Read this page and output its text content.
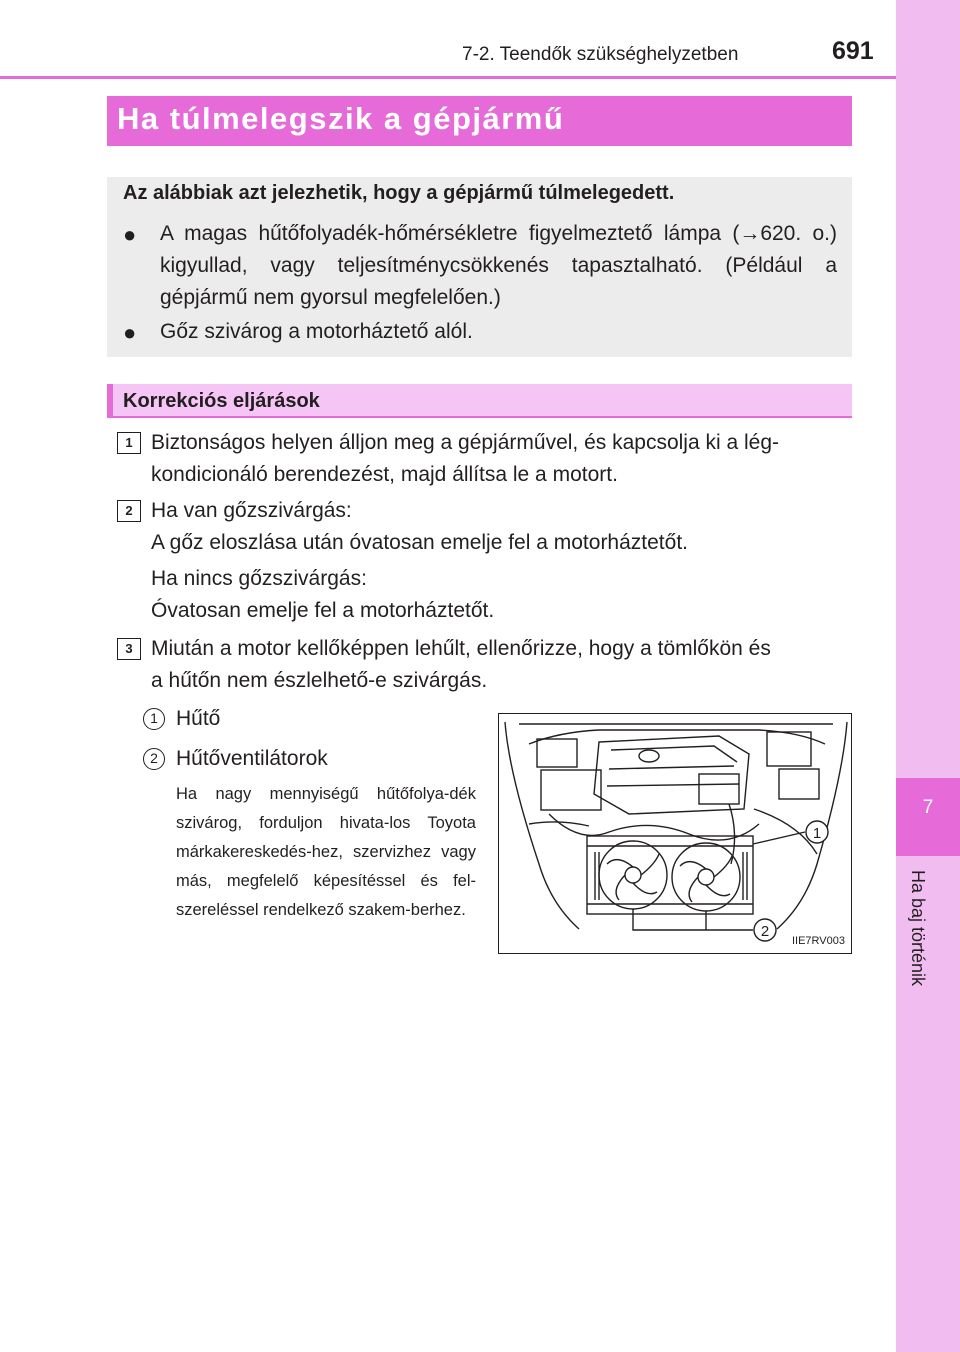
7
Ha baj történik
7-2. Teendők szükséghelyzetben	691
Ha túlmelegszik a gépjármű
Az alábbiak azt jelezhetik, hogy a gépjármű túlmelegedett.
● A magas hűtőfolyadék-hőmérsékletre figyelmeztető lámpa (→620. o.) kigyullad, vagy teljesítménycsökkenés tapasztalható. (Például a gépjármű nem gyorsul megfelelően.)
● Gőz szivárog a motorháztető alól.
Korrekciós eljárások
1 Biztonságos helyen álljon meg a gépjárművel, és kapcsolja ki a lég-
kondicionáló berendezést, majd állítsa le a motort.
2 Ha van gőzszivárgás:
A gőz eloszlása után óvatosan emelje fel a motorháztetőt.
Ha nincs gőzszivárgás:
Óvatosan emelje fel a motorháztetőt.
3 Miután a motor kellőképpen lehűlt, ellenőrizze, hogy a tömlőkön és
a hűtőn nem észlelhető-e szivárgás.
1 Hűtő
2 Hűtőventilátorok
Ha nagy mennyiségű hűtőfolya-dék szivárog, forduljon hivata-los Toyota márkakereskedés-hez, szervizhez vagy más, megfelelő képesítéssel és fel-szereléssel rendelkező szakem-berhez.
1
2
IIE7RV003
